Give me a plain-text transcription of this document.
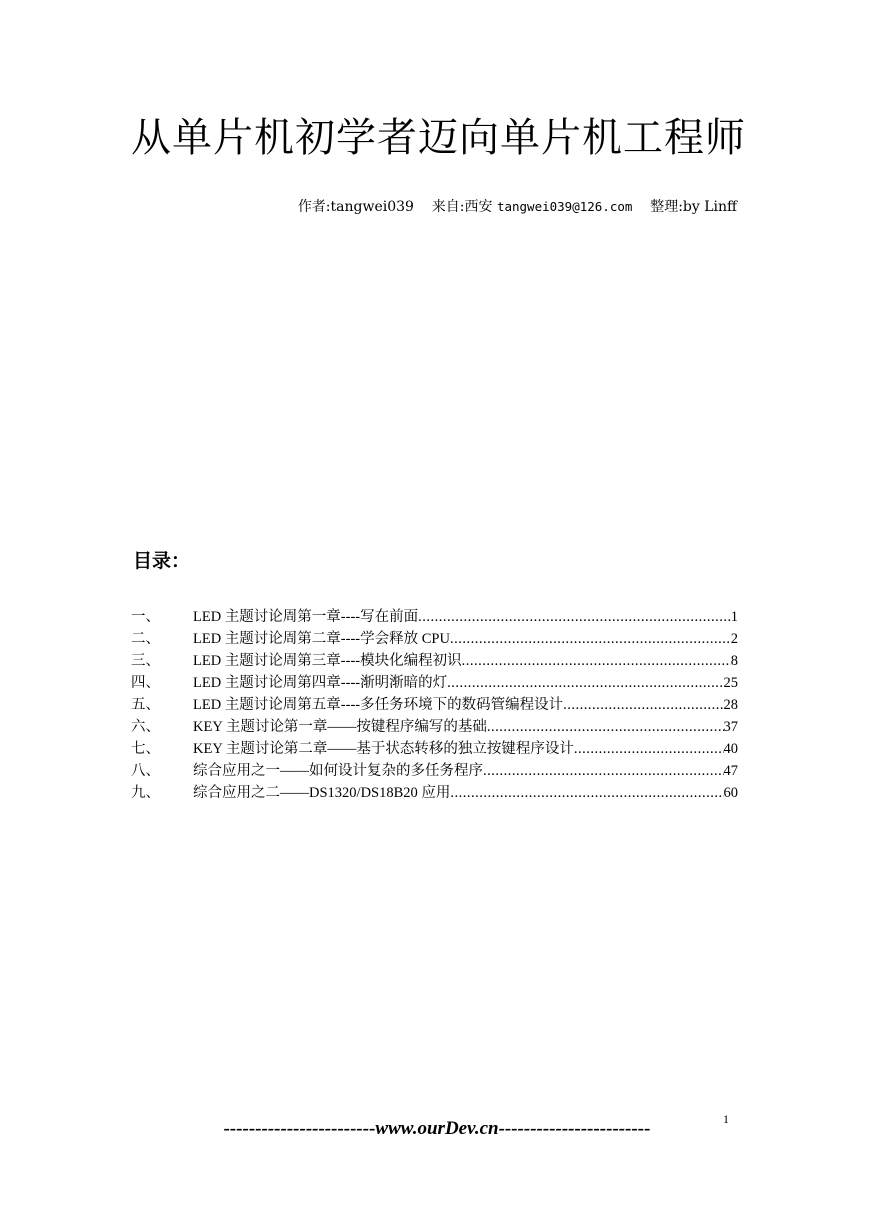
从单片机初学者迈向单片机工程师
作者:tangwei039 来自:西安 tangwei039@126.com 整理:by Linff
目录：
一、	LED 主题讨论周第一章----写在前面 .....	1
二、	LED 主题讨论周第二章----学会释放 CPU .....	2
三、	LED 主题讨论周第三章----模块化编程初识 .....	8
四、	LED 主题讨论周第四章----渐明渐暗的灯 .....	25
五、	LED 主题讨论周第五章----多任务环境下的数码管编程设计 .....	28
六、	KEY 主题讨论第一章——按键程序编写的基础 .....	37
七、	KEY 主题讨论第二章——基于状态转移的独立按键程序设计 .....	40
八、	综合应用之一——如何设计复杂的多任务程序 .....	47
九、	综合应用之二——DS1320/DS18B20 应用 .....	60
------------------------www.ourDev.cn------------------------	1
